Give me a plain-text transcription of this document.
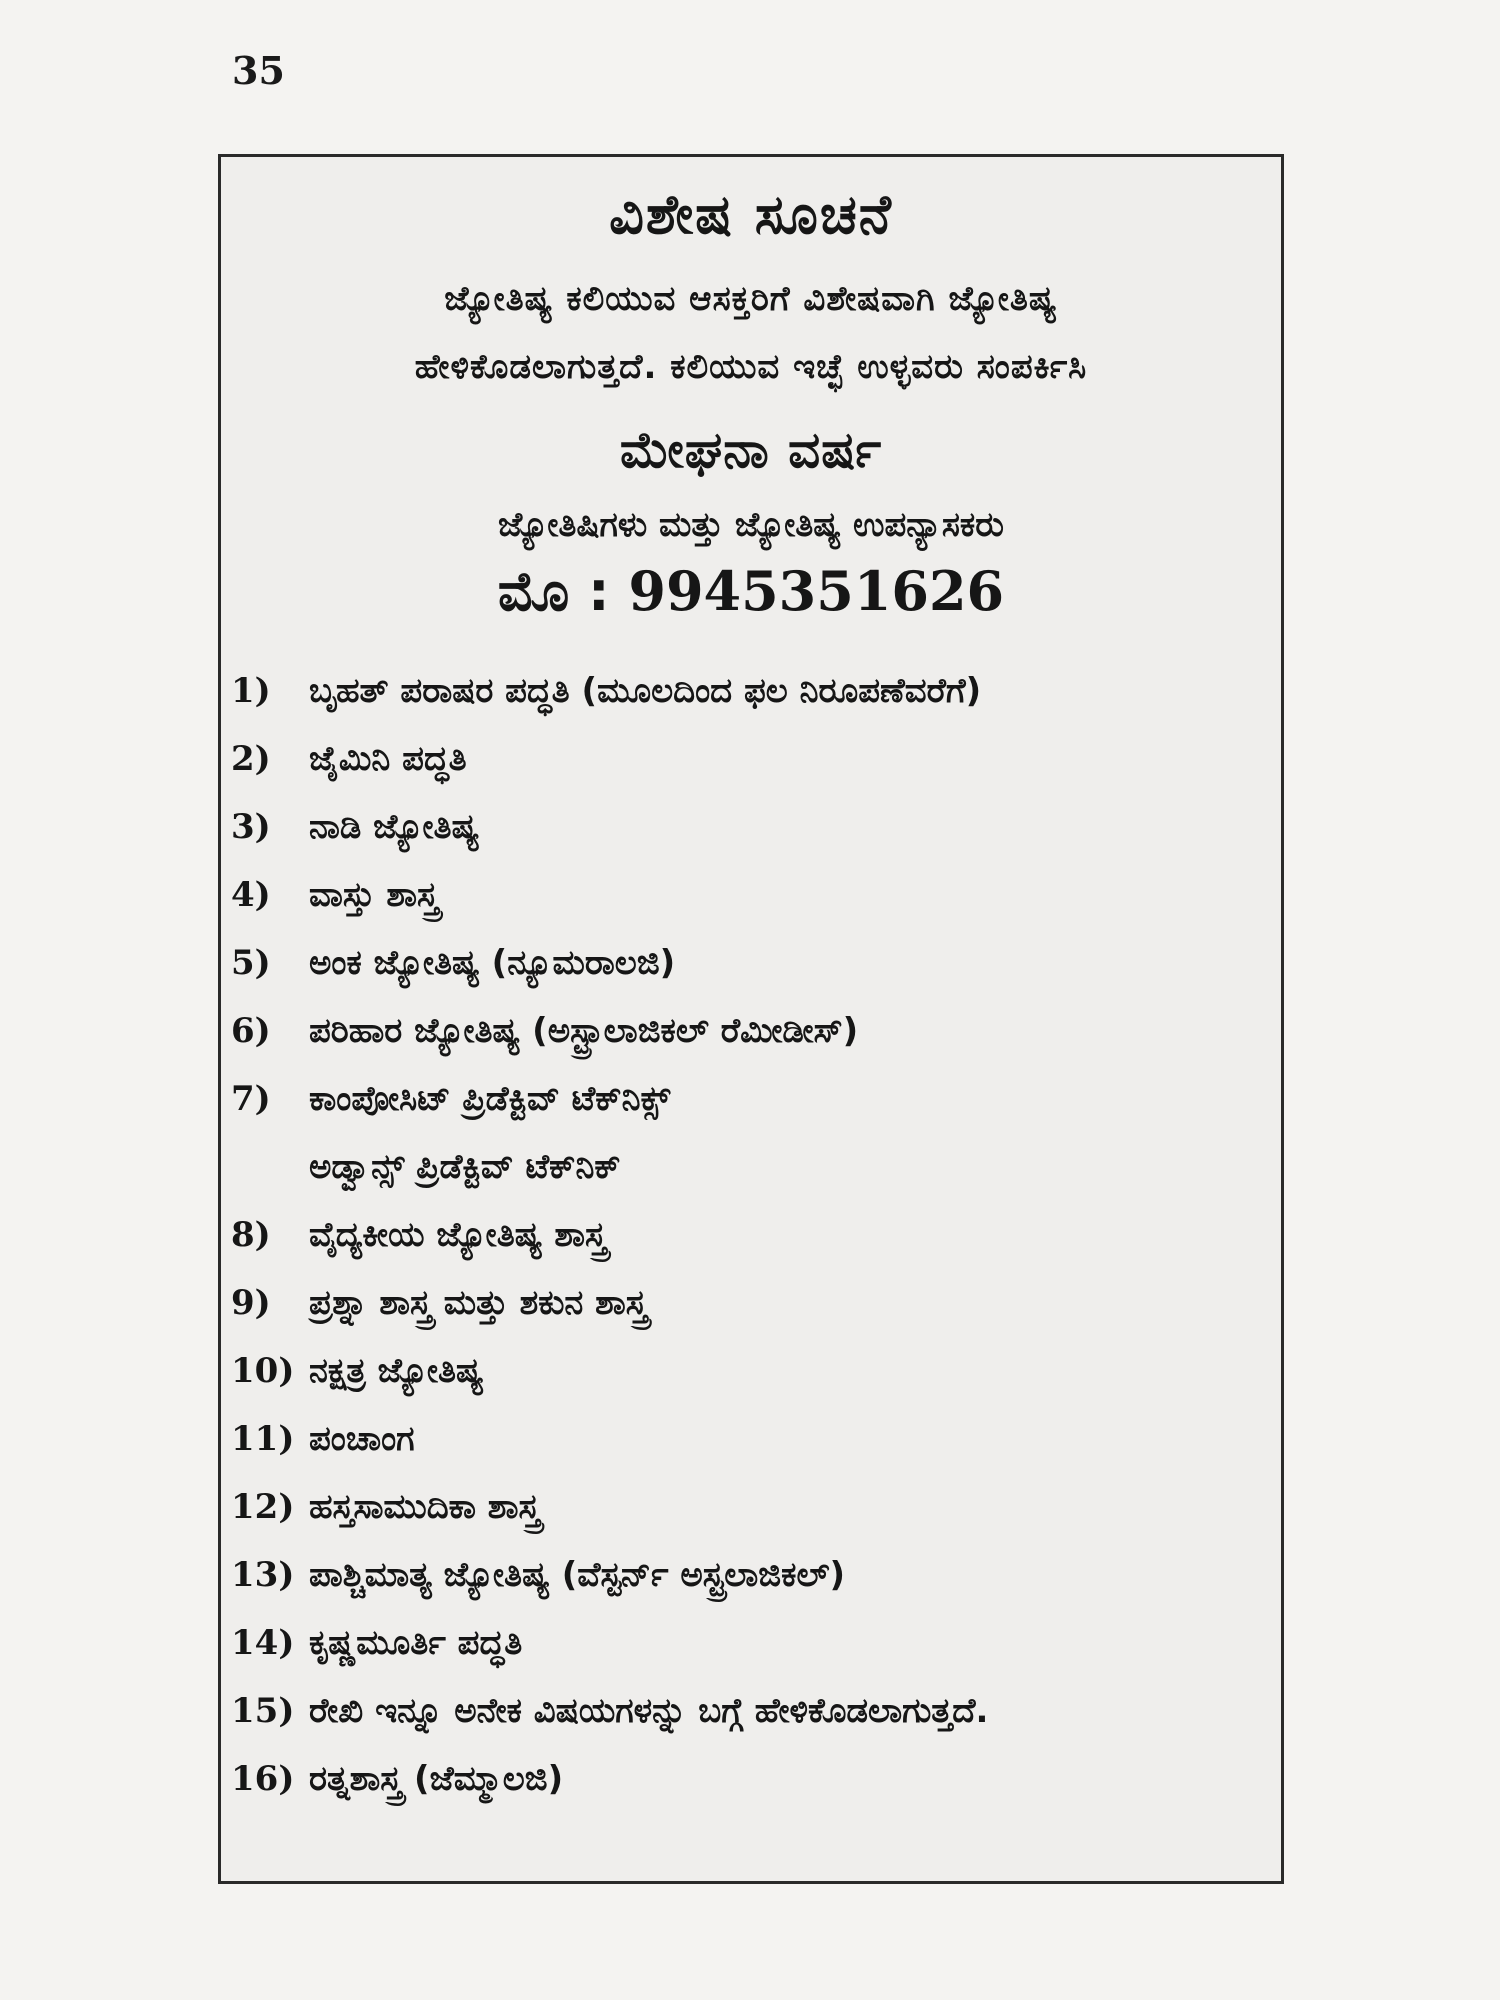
35
ವಿಶೇಷ ಸೂಚನೆ
ಜ್ಯೋತಿಷ್ಯ ಕಲಿಯುವ ಆಸಕ್ತರಿಗೆ ವಿಶೇಷವಾಗಿ ಜ್ಯೋತಿಷ್ಯ
ಹೇಳಿಕೊಡಲಾಗುತ್ತದೆ. ಕಲಿಯುವ ಇಚ್ಛೆ ಉಳ್ಳವರು ಸಂಪರ್ಕಿಸಿ
ಮೇಘನಾ ವರ್ಷ
ಜ್ಯೋತಿಷಿಗಳು ಮತ್ತು ಜ್ಯೋತಿಷ್ಯ ಉಪನ್ಯಾಸಕರು
ಮೊ : 9945351626
1)	ಬೃಹತ್ ಪರಾಷರ ಪದ್ಧತಿ (ಮೂಲದಿಂದ ಫಲ ನಿರೂಪಣೆವರೆಗೆ)
2)	ಜೈಮಿನಿ ಪದ್ಧತಿ
3)	ನಾಡಿ ಜ್ಯೋತಿಷ್ಯ
4)	ವಾಸ್ತು ಶಾಸ್ತ್ರ
5)	ಅಂಕ ಜ್ಯೋತಿಷ್ಯ (ನ್ಯೂಮರಾಲಜಿ)
6)	ಪರಿಹಾರ ಜ್ಯೋತಿಷ್ಯ (ಅಸ್ಟ್ರಾಲಾಜಿಕಲ್ ರೆಮೀಡೀಸ್)
7)	ಕಾಂಪೋಸಿಟ್ ಪ್ರಿಡೆಕ್ಟಿವ್ ಟೆಕ್‌ನಿಕ್ಸ್
ಅಡ್ವಾನ್ಸ್ ಪ್ರಿಡೆಕ್ಟಿವ್ ಟೆಕ್‌ನಿಕ್
8)	ವೈದ್ಯಕೀಯ ಜ್ಯೋತಿಷ್ಯ ಶಾಸ್ತ್ರ
9)	ಪ್ರಶ್ನಾ ಶಾಸ್ತ್ರ ಮತ್ತು ಶಕುನ ಶಾಸ್ತ್ರ
10) ನಕ್ಷತ್ರ ಜ್ಯೋತಿಷ್ಯ
11) ಪಂಚಾಂಗ
12) ಹಸ್ತಸಾಮುದಿಕಾ ಶಾಸ್ತ್ರ
13) ಪಾಶ್ಚಿಮಾತ್ಯ ಜ್ಯೋತಿಷ್ಯ (ವೆಸ್ಟರ್ನ್ ಅಸ್ಟ್ರಲಾಜಿಕಲ್)
14) ಕೃಷ್ಣಮೂರ್ತಿ ಪದ್ಧತಿ
15) ರೇಖಿ ಇನ್ನೂ ಅನೇಕ ವಿಷಯಗಳನ್ನು ಬಗ್ಗೆ ಹೇಳಿಕೊಡಲಾಗುತ್ತದೆ.
16) ರತ್ನಶಾಸ್ತ್ರ (ಜೆಮ್ಮಾಲಜಿ)
